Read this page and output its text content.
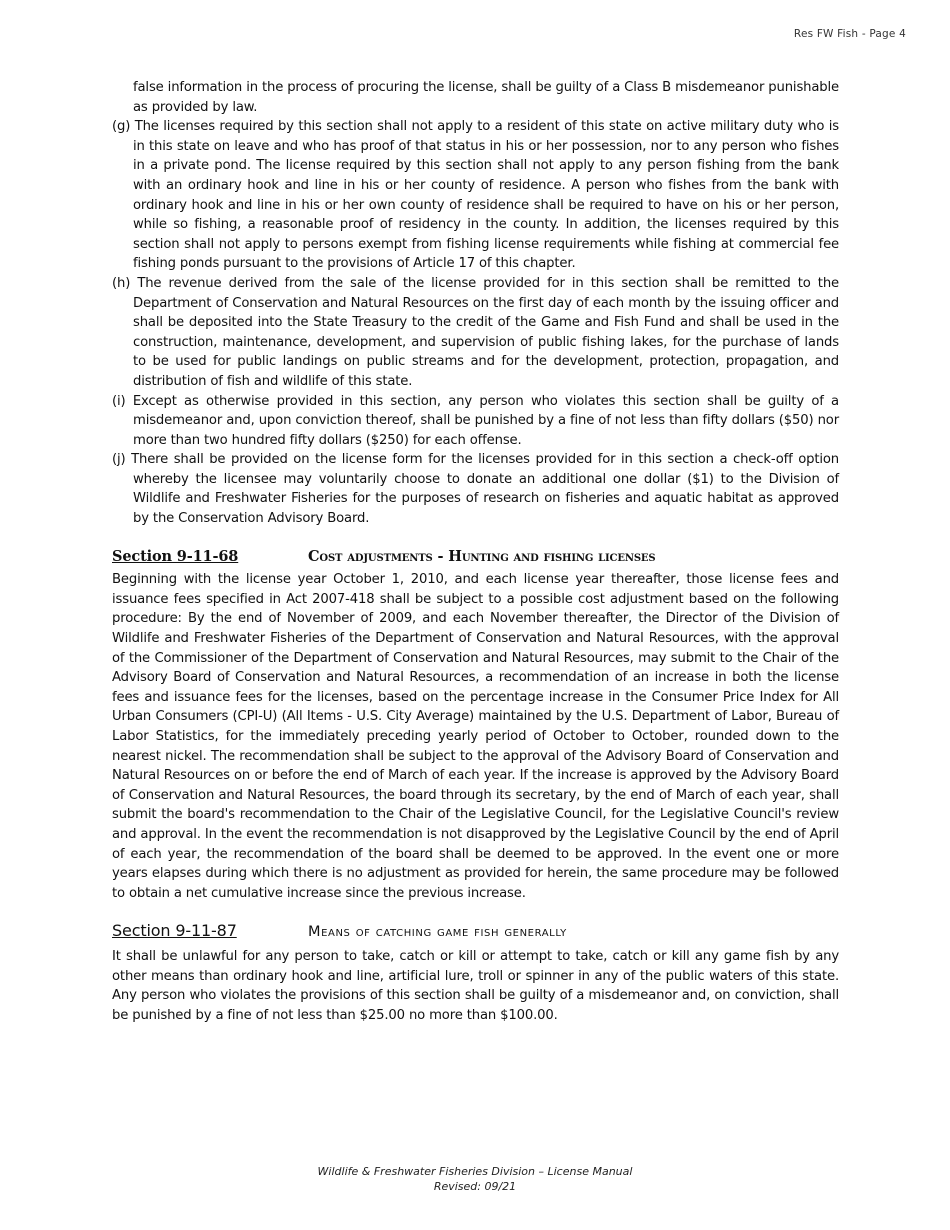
Res FW Fish - Page 4
false information in the process of procuring the license, shall be guilty of a Class B misdemeanor punishable as provided by law.
(g) The licenses required by this section shall not apply to a resident of this state on active military duty who is in this state on leave and who has proof of that status in his or her possession, nor to any person who fishes in a private pond. The license required by this section shall not apply to any person fishing from the bank with an ordinary hook and line in his or her county of residence. A person who fishes from the bank with ordinary hook and line in his or her own county of residence shall be required to have on his or her person, while so fishing, a reasonable proof of residency in the county. In addition, the licenses required by this section shall not apply to persons exempt from fishing license requirements while fishing at commercial fee fishing ponds pursuant to the provisions of Article 17 of this chapter.
(h) The revenue derived from the sale of the license provided for in this section shall be remitted to the Department of Conservation and Natural Resources on the first day of each month by the issuing officer and shall be deposited into the State Treasury to the credit of the Game and Fish Fund and shall be used in the construction, maintenance, development, and supervision of public fishing lakes, for the purchase of lands to be used for public landings on public streams and for the development, protection, propagation, and distribution of fish and wildlife of this state.
(i) Except as otherwise provided in this section, any person who violates this section shall be guilty of a misdemeanor and, upon conviction thereof, shall be punished by a fine of not less than fifty dollars ($50) nor more than two hundred fifty dollars ($250) for each offense.
(j) There shall be provided on the license form for the licenses provided for in this section a check-off option whereby the licensee may voluntarily choose to donate an additional one dollar ($1) to the Division of Wildlife and Freshwater Fisheries for the purposes of research on fisheries and aquatic habitat as approved by the Conservation Advisory Board.
Section 9-11-68	Cost adjustments - Hunting and fishing licenses
Beginning with the license year October 1, 2010, and each license year thereafter, those license fees and issuance fees specified in Act 2007-418 shall be subject to a possible cost adjustment based on the following procedure: By the end of November of 2009, and each November thereafter, the Director of the Division of Wildlife and Freshwater Fisheries of the Department of Conservation and Natural Resources, with the approval of the Commissioner of the Department of Conservation and Natural Resources, may submit to the Chair of the Advisory Board of Conservation and Natural Resources, a recommendation of an increase in both the license fees and issuance fees for the licenses, based on the percentage increase in the Consumer Price Index for All Urban Consumers (CPI-U) (All Items - U.S. City Average) maintained by the U.S. Department of Labor, Bureau of Labor Statistics, for the immediately preceding yearly period of October to October, rounded down to the nearest nickel. The recommendation shall be subject to the approval of the Advisory Board of Conservation and Natural Resources on or before the end of March of each year. If the increase is approved by the Advisory Board of Conservation and Natural Resources, the board through its secretary, by the end of March of each year, shall submit the board's recommendation to the Chair of the Legislative Council, for the Legislative Council's review and approval. In the event the recommendation is not disapproved by the Legislative Council by the end of April of each year, the recommendation of the board shall be deemed to be approved. In the event one or more years elapses during which there is no adjustment as provided for herein, the same procedure may be followed to obtain a net cumulative increase since the previous increase.
Section 9-11-87	Means of catching game fish generally
It shall be unlawful for any person to take, catch or kill or attempt to take, catch or kill any game fish by any other means than ordinary hook and line, artificial lure, troll or spinner in any of the public waters of this state. Any person who violates the provisions of this section shall be guilty of a misdemeanor and, on conviction, shall be punished by a fine of not less than $25.00 no more than $100.00.
Wildlife & Freshwater Fisheries Division – License Manual
Revised: 09/21
